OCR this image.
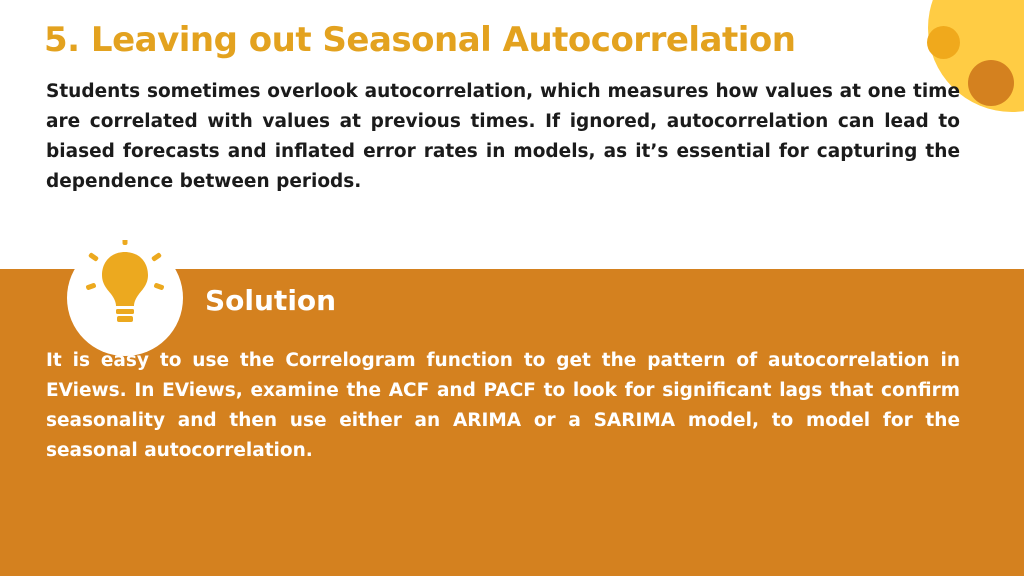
5. Leaving out Seasonal Autocorrelation

Students sometimes overlook autocorrelation, which measures how values at one time are correlated with values at previous times. If ignored, autocorrelation can lead to biased forecasts and inflated error rates in models, as it’s essential for capturing the dependence between periods.

Solution

It is easy to use the Correlogram function to get the pattern of autocorrelation in EViews. In EViews, examine the ACF and PACF to look for significant lags that confirm seasonality and then use either an ARIMA or a SARIMA model, to model for the seasonal autocorrelation.
